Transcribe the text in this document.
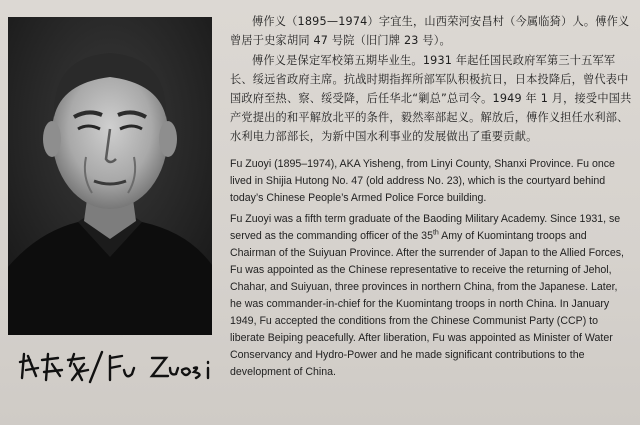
傅作义（1895—1974）字宜生，山西荣河安昌村（今属临猗）人。傅作义曾居于史家胡同 47 号院（旧门牌 23 号）。

傅作义是保定军校第五期毕业生。1931 年起任国民政府军第三十五军军长、绥远省政府主席。抗战时期指挥所部军队积极抗日，日本投降后，曾代表中国政府至热、察、绥受降，后任华北“剿总”总司令。1949 年 1 月，接受中国共产党提出的和平解放北平的条件，毅然率部起义。解放后，傅作义担任水利部、水利电力部部长，为新中国水利事业的发展做出了重要贡献。

Fu Zuoyi (1895–1974), AKA Yisheng, from Linyi County, Shanxi Province. Fu once lived in Shijia Hutong No. 47 (old address No. 23), which is the courtyard behind today’s Chinese People’s Armed Police Force building.

Fu Zuoyi was a fifth term graduate of the Baoding Military Academy. Since 1931, se served as the commanding officer of the 35th Amy of Kuomintang troops and Chairman of the Suiyuan Province. After the surrender of Japan to the Allied Forces, Fu was appointed as the Chinese representative to receive the returning of Jehol, Chahar, and Suiyuan, three provinces in northern China, from the Japanese. Later, he was commander-in-chief for the Kuomintang troops in north China. In January 1949, Fu accepted the conditions from the Chinese Communist Party (CCP) to liberate Beiping peacefully. After liberation, Fu was appointed as Minister of Water Conservancy and Hydro-Power and he made significant contributions to the development of China.
